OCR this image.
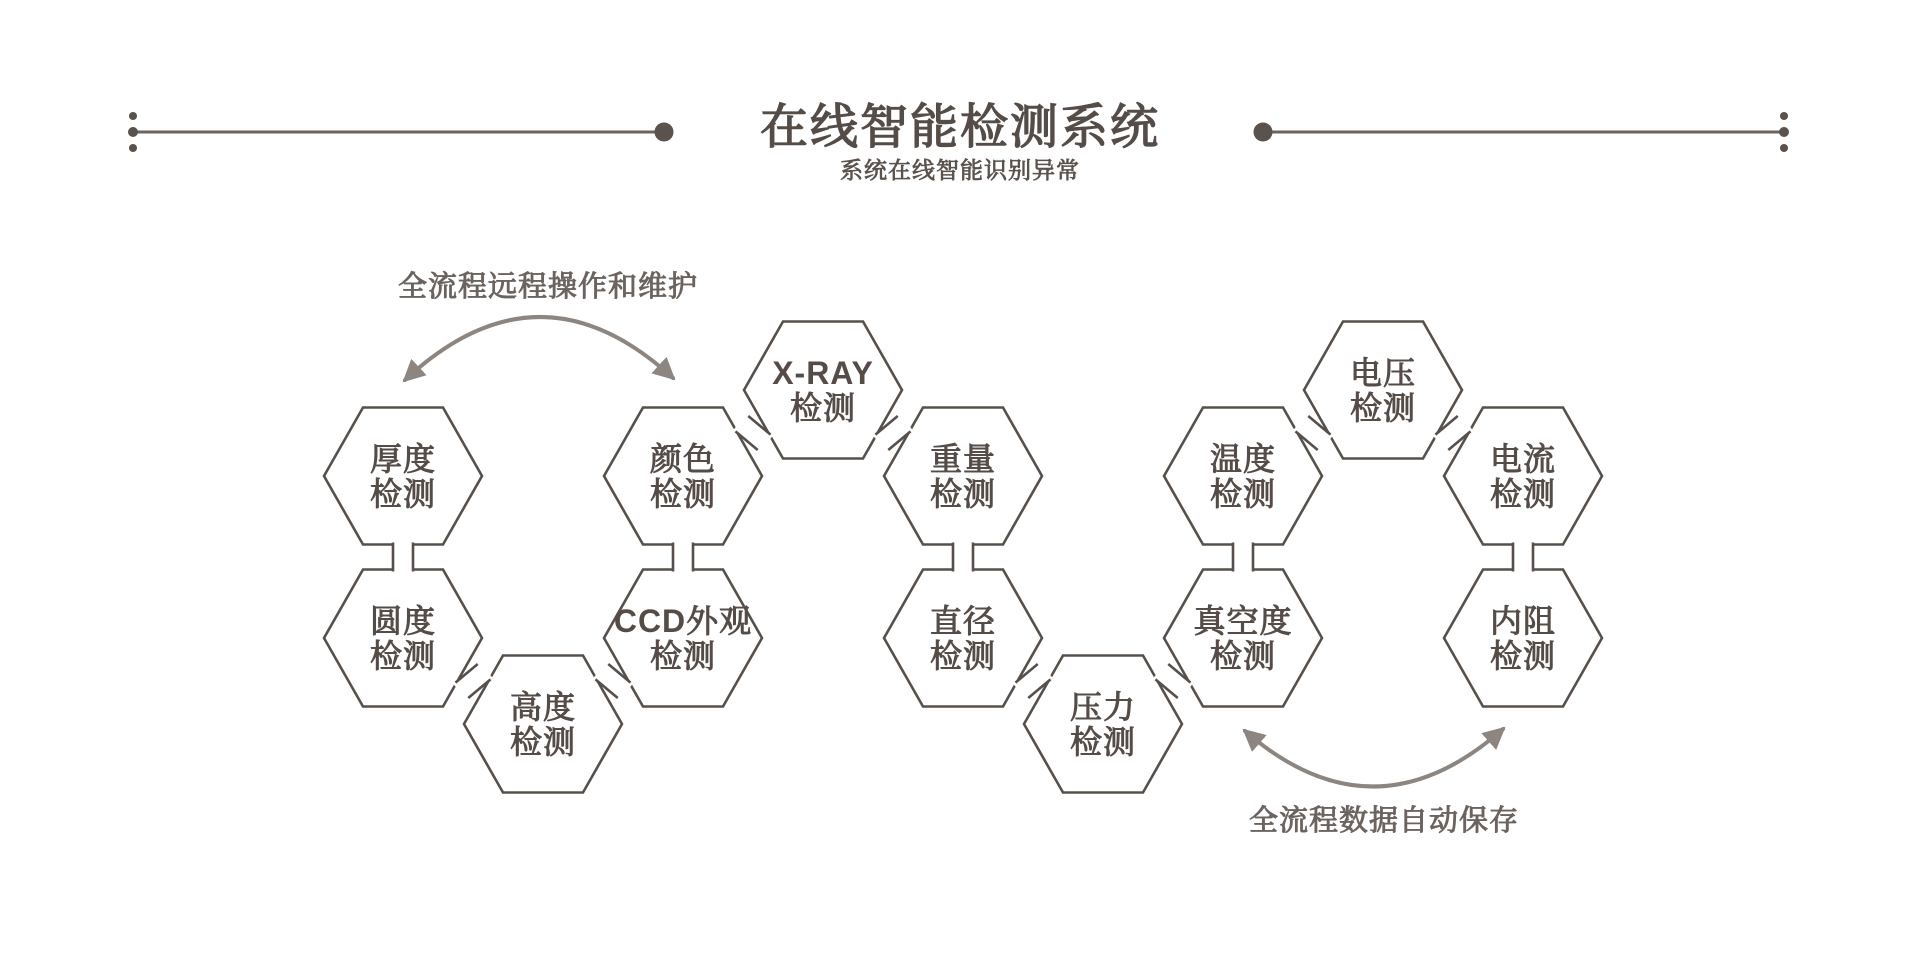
在线智能检测系统
系统在线智能识别异常
厚度
检测
圆度
检测
高度
检测
CCD外观
检测
颜色
检测
X-RAY
检测
重量
检测
直径
检测
压力
检测
真空度
检测
温度
检测
电压
检测
电流
检测
内阻
检测
全流程远程操作和维护
全流程数据自动保存
